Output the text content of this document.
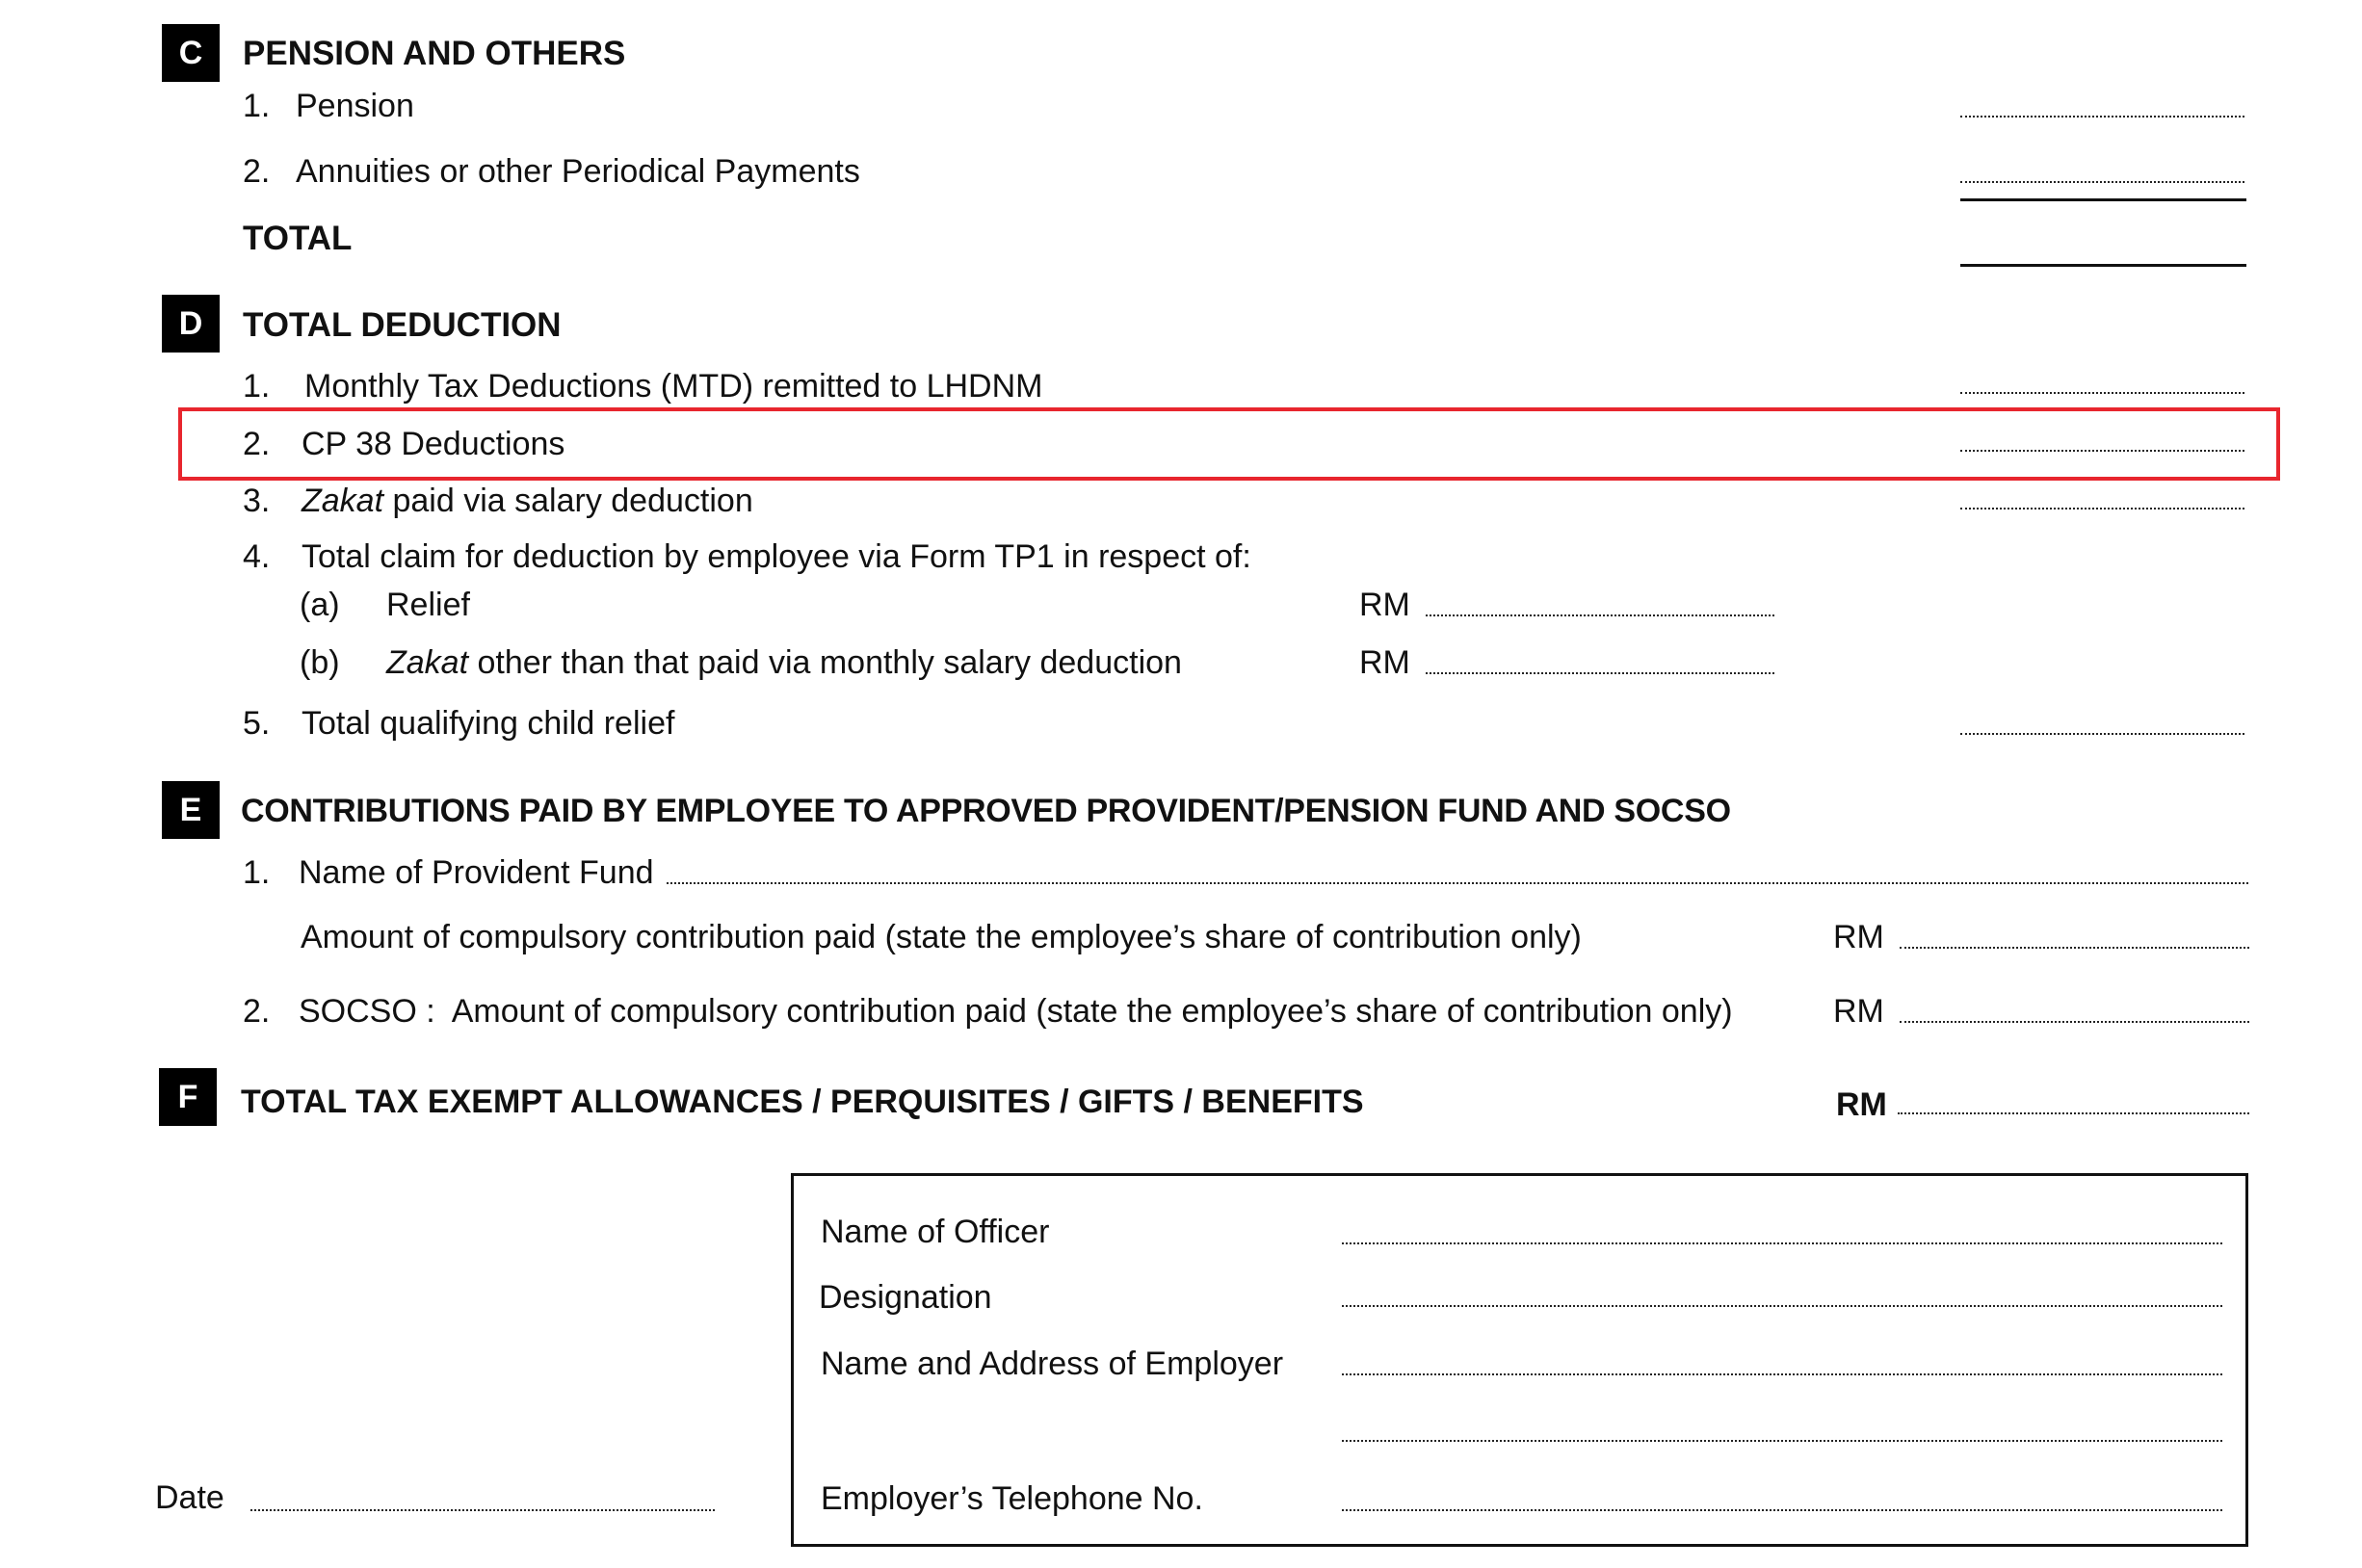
C	PENSION AND OTHERS
1. Pension
2. Annuities or other Periodical Payments
TOTAL
D	TOTAL DEDUCTION
1. Monthly Tax Deductions (MTD) remitted to LHDNM
2. CP 38 Deductions
3. Zakat paid via salary deduction
4. Total claim for deduction by employee via Form TP1 in respect of:
(a) Relief	RM
(b) Zakat other than that paid via monthly salary deduction	RM
5. Total qualifying child relief
E	CONTRIBUTIONS PAID BY EMPLOYEE TO APPROVED PROVIDENT/PENSION FUND AND SOCSO
1. Name of Provident Fund
Amount of compulsory contribution paid (state the employee’s share of contribution only)	RM
2. SOCSO :  Amount of compulsory contribution paid (state the employee’s share of contribution only)	RM
F	TOTAL TAX EXEMPT ALLOWANCES / PERQUISITES / GIFTS / BENEFITS	RM
Date
Name of Officer
Designation
Name and Address of Employer
Employer’s Telephone No.
